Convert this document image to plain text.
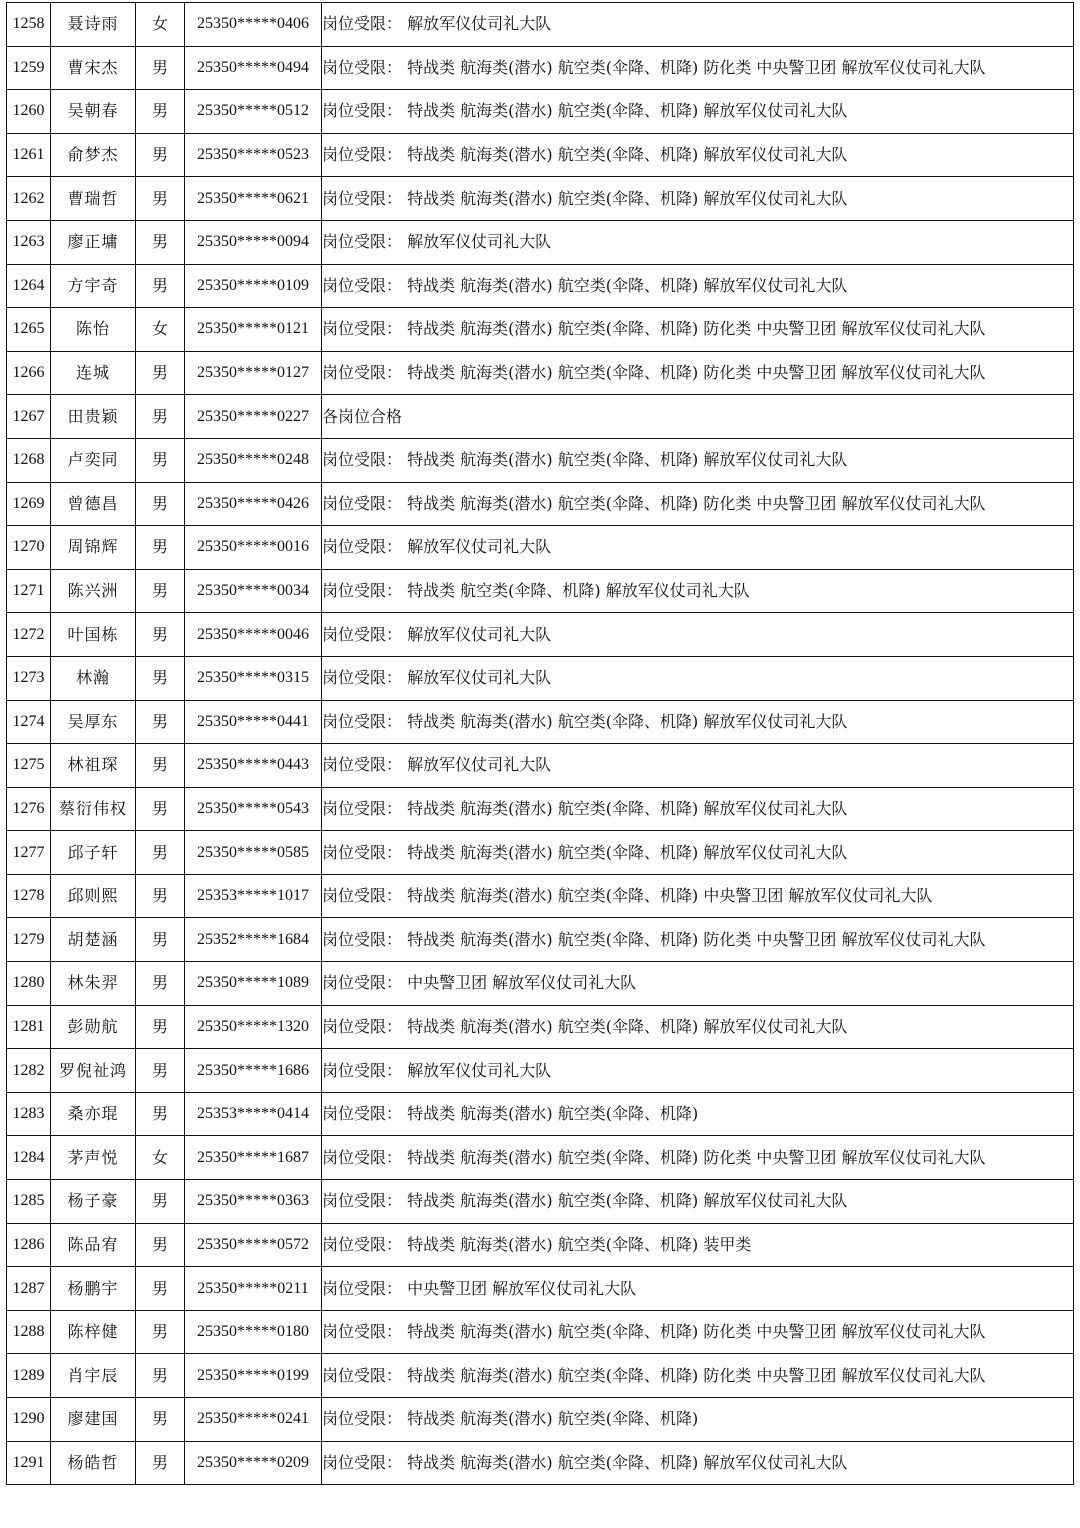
1258	聂诗雨	女	25350*****0406	岗位受限： 解放军仪仗司礼大队
1259	曹宋杰	男	25350*****0494	岗位受限： 特战类 航海类(潜水) 航空类(伞降、机降) 防化类 中央警卫团 解放军仪仗司礼大队
1260	吴朝春	男	25350*****0512	岗位受限： 特战类 航海类(潜水) 航空类(伞降、机降) 解放军仪仗司礼大队
1261	俞梦杰	男	25350*****0523	岗位受限： 特战类 航海类(潜水) 航空类(伞降、机降) 解放军仪仗司礼大队
1262	曹瑞哲	男	25350*****0621	岗位受限： 特战类 航海类(潜水) 航空类(伞降、机降) 解放军仪仗司礼大队
1263	廖正墉	男	25350*****0094	岗位受限： 解放军仪仗司礼大队
1264	方宇奇	男	25350*****0109	岗位受限： 特战类 航海类(潜水) 航空类(伞降、机降) 解放军仪仗司礼大队
1265	陈怡	女	25350*****0121	岗位受限： 特战类 航海类(潜水) 航空类(伞降、机降) 防化类 中央警卫团 解放军仪仗司礼大队
1266	连城	男	25350*****0127	岗位受限： 特战类 航海类(潜水) 航空类(伞降、机降) 防化类 中央警卫团 解放军仪仗司礼大队
1267	田贵颖	男	25350*****0227	各岗位合格
1268	卢奕同	男	25350*****0248	岗位受限： 特战类 航海类(潜水) 航空类(伞降、机降) 解放军仪仗司礼大队
1269	曾德昌	男	25350*****0426	岗位受限： 特战类 航海类(潜水) 航空类(伞降、机降) 防化类 中央警卫团 解放军仪仗司礼大队
1270	周锦辉	男	25350*****0016	岗位受限： 解放军仪仗司礼大队
1271	陈兴洲	男	25350*****0034	岗位受限： 特战类 航空类(伞降、机降) 解放军仪仗司礼大队
1272	叶国栋	男	25350*****0046	岗位受限： 解放军仪仗司礼大队
1273	林瀚	男	25350*****0315	岗位受限： 解放军仪仗司礼大队
1274	吴厚东	男	25350*****0441	岗位受限： 特战类 航海类(潜水) 航空类(伞降、机降) 解放军仪仗司礼大队
1275	林祖琛	男	25350*****0443	岗位受限： 解放军仪仗司礼大队
1276	蔡衍伟权	男	25350*****0543	岗位受限： 特战类 航海类(潜水) 航空类(伞降、机降) 解放军仪仗司礼大队
1277	邱子轩	男	25350*****0585	岗位受限： 特战类 航海类(潜水) 航空类(伞降、机降) 解放军仪仗司礼大队
1278	邱则熙	男	25353*****1017	岗位受限： 特战类 航海类(潜水) 航空类(伞降、机降) 中央警卫团 解放军仪仗司礼大队
1279	胡楚涵	男	25352*****1684	岗位受限： 特战类 航海类(潜水) 航空类(伞降、机降) 防化类 中央警卫团 解放军仪仗司礼大队
1280	林朱羿	男	25350*****1089	岗位受限： 中央警卫团 解放军仪仗司礼大队
1281	彭勋航	男	25350*****1320	岗位受限： 特战类 航海类(潜水) 航空类(伞降、机降) 解放军仪仗司礼大队
1282	罗倪祉鸿	男	25350*****1686	岗位受限： 解放军仪仗司礼大队
1283	桑亦琨	男	25353*****0414	岗位受限： 特战类 航海类(潜水) 航空类(伞降、机降)
1284	茅声悦	女	25350*****1687	岗位受限： 特战类 航海类(潜水) 航空类(伞降、机降) 防化类 中央警卫团 解放军仪仗司礼大队
1285	杨子豪	男	25350*****0363	岗位受限： 特战类 航海类(潜水) 航空类(伞降、机降) 解放军仪仗司礼大队
1286	陈品宥	男	25350*****0572	岗位受限： 特战类 航海类(潜水) 航空类(伞降、机降) 装甲类
1287	杨鹏宇	男	25350*****0211	岗位受限： 中央警卫团 解放军仪仗司礼大队
1288	陈梓健	男	25350*****0180	岗位受限： 特战类 航海类(潜水) 航空类(伞降、机降) 防化类 中央警卫团 解放军仪仗司礼大队
1289	肖宇辰	男	25350*****0199	岗位受限： 特战类 航海类(潜水) 航空类(伞降、机降) 防化类 中央警卫团 解放军仪仗司礼大队
1290	廖建国	男	25350*****0241	岗位受限： 特战类 航海类(潜水) 航空类(伞降、机降)
1291	杨皓哲	男	25350*****0209	岗位受限： 特战类 航海类(潜水) 航空类(伞降、机降) 解放军仪仗司礼大队
